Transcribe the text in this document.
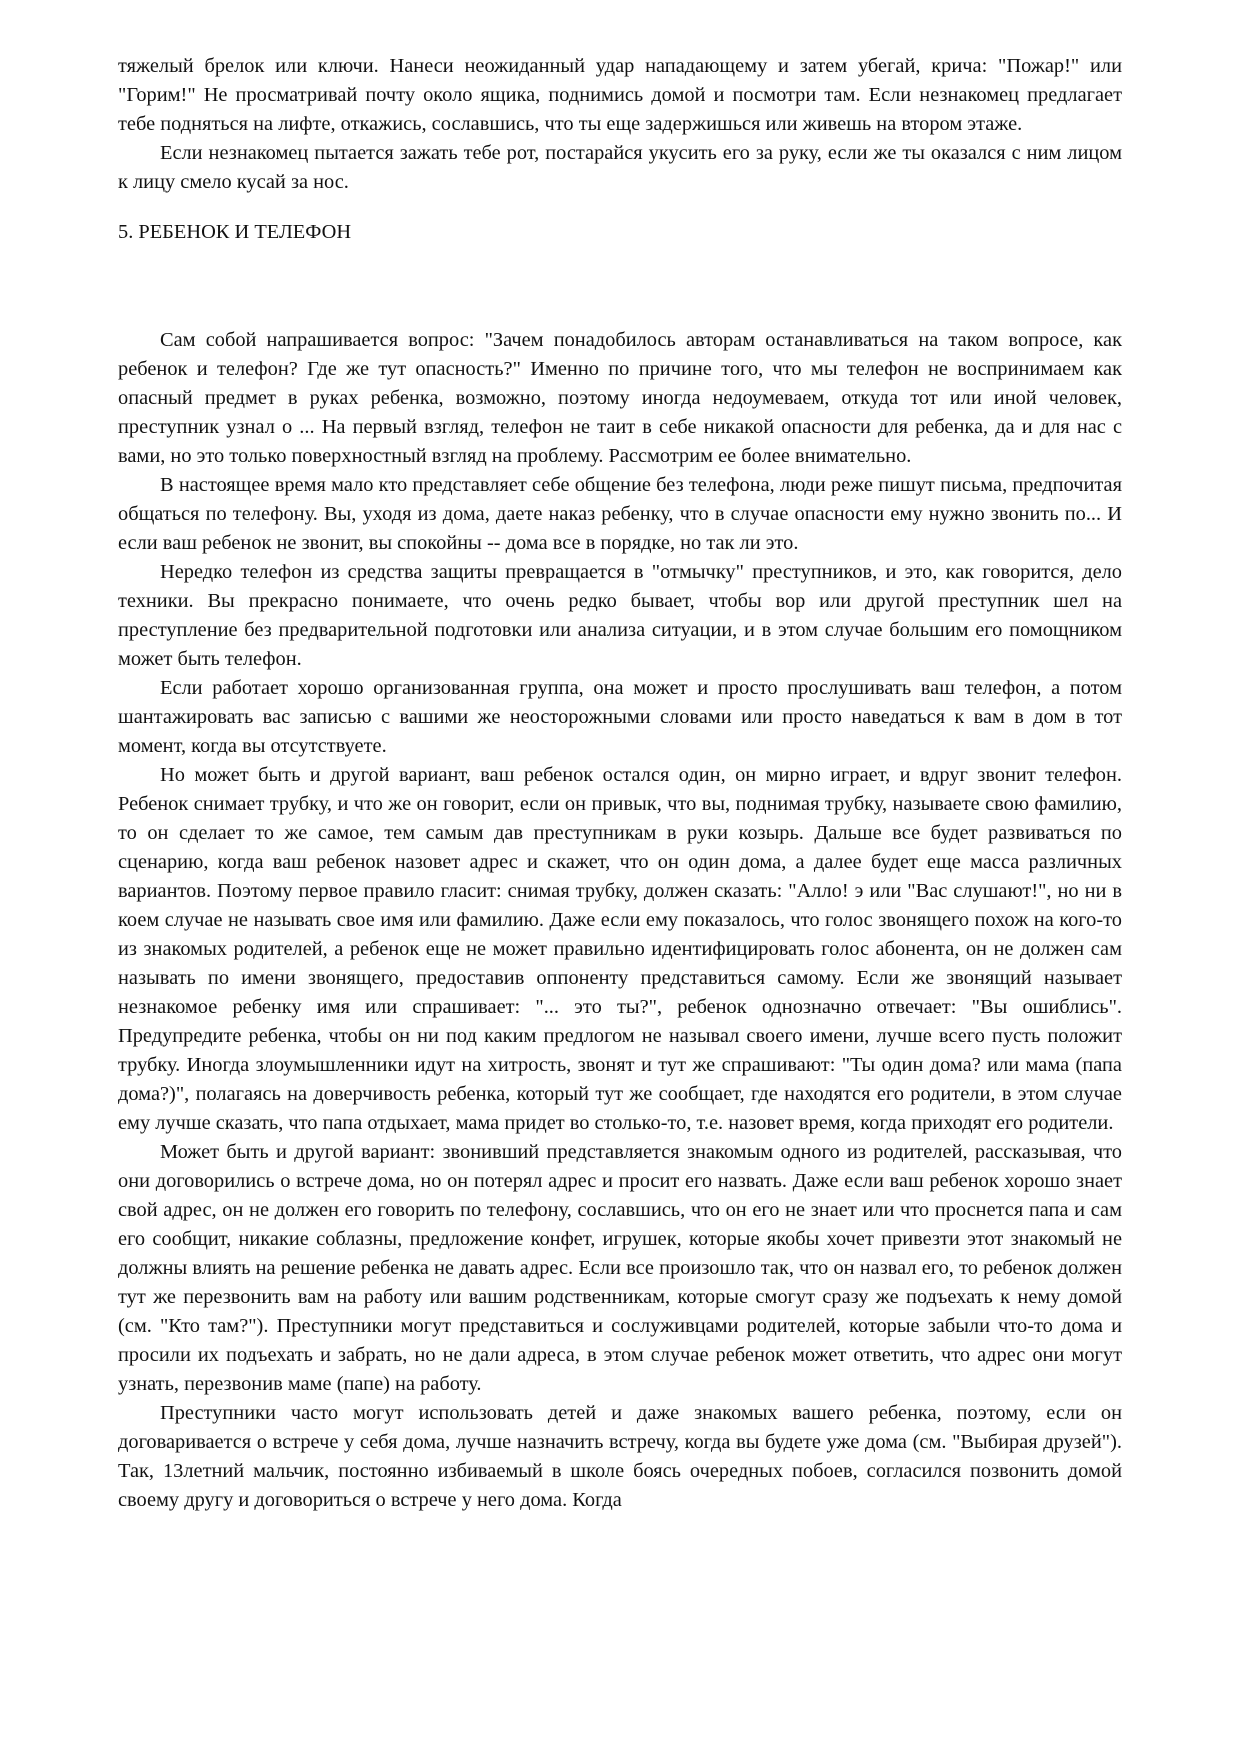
тяжелый брелок или ключи. Нанеси неожиданный удар нападающему и затем убегай, крича: "Пожар!" или "Горим!" Не просматривай почту около ящика, поднимись домой и посмотри там. Если незнакомец предлагает тебе подняться на лифте, откажись, сославшись, что ты еще задержишься или живешь на втором этаже.

Если незнакомец пытается зажать тебе рот, постарайся укусить его за руку, если же ты оказался с ним лицом к лицу смело кусай за нос.

5. РЕБЕНОК И ТЕЛЕФОН

Сам собой напрашивается вопрос: "Зачем понадобилось авторам останавливаться на таком вопросе, как ребенок и телефон? Где же тут опасность?" Именно по причине того, что мы телефон не воспринимаем как опасный предмет в руках ребенка, возможно, поэтому иногда недоумеваем, откуда тот или иной человек, преступник узнал о ... На первый взгляд, телефон не таит в себе никакой опасности для ребенка, да и для нас с вами, но это только поверхностный взгляд на проблему. Рассмотрим ее более внимательно.

В настоящее время мало кто представляет себе общение без телефона, люди реже пишут письма, предпочитая общаться по телефону. Вы, уходя из дома, даете наказ ребенку, что в случае опасности ему нужно звонить по... И если ваш ребенок не звонит, вы спокойны -- дома все в порядке, но так ли это.

Нередко телефон из средства защиты превращается в "отмычку" преступников, и это, как говорится, дело техники. Вы прекрасно понимаете, что очень редко бывает, чтобы вор или другой преступник шел на преступление без предварительной подготовки или анализа ситуации, и в этом случае большим его помощником может быть телефон.

Если работает хорошо организованная группа, она может и просто прослушивать ваш телефон, а потом шантажировать вас записью с вашими же неосторожными словами или просто наведаться к вам в дом в тот момент, когда вы отсутствуете.

Но может быть и другой вариант, ваш ребенок остался один, он мирно играет, и вдруг звонит телефон. Ребенок снимает трубку, и что же он говорит, если он привык, что вы, поднимая трубку, называете свою фамилию, то он сделает то же самое, тем самым дав преступникам в руки козырь. Дальше все будет развиваться по сценарию, когда ваш ребенок назовет адрес и скажет, что он один дома, а далее будет еще масса различных вариантов. Поэтому первое правило гласит: снимая трубку, должен сказать: "Алло! э или "Вас слушают!", но ни в коем случае не называть свое имя или фамилию. Даже если ему показалось, что голос звонящего похож на кого-то из знакомых родителей, а ребенок еще не может правильно идентифицировать голос абонента, он не должен сам называть по имени звонящего, предоставив оппоненту представиться самому. Если же звонящий называет незнакомое ребенку имя или спрашивает: "... это ты?", ребенок однозначно отвечает: "Вы ошиблись". Предупредите ребенка, чтобы он ни под каким предлогом не называл своего имени, лучше всего пусть положит трубку. Иногда злоумышленники идут на хитрость, звонят и тут же спрашивают: "Ты один дома? или мама (папа дома?)", полагаясь на доверчивость ребенка, который тут же сообщает, где находятся его родители, в этом случае ему лучше сказать, что папа отдыхает, мама придет во столько-то, т.е. назовет время, когда приходят его родители.

Может быть и другой вариант: звонивший представляется знакомым одного из родителей, рассказывая, что они договорились о встрече дома, но он потерял адрес и просит его назвать. Даже если ваш ребенок хорошо знает свой адрес, он не должен его говорить по телефону, сославшись, что он его не знает или что проснется папа и сам его сообщит, никакие соблазны, предложение конфет, игрушек, которые якобы хочет привезти этот знакомый не должны влиять на решение ребенка не давать адрес. Если все произошло так, что он назвал его, то ребенок должен тут же перезвонить вам на работу или вашим родственникам, которые смогут сразу же подъехать к нему домой (см. "Кто там?"). Преступники могут представиться и сослуживцами родителей, которые забыли что-то дома и просили их подъехать и забрать, но не дали адреса, в этом случае ребенок может ответить, что адрес они могут узнать, перезвонив маме (папе) на работу.

Преступники часто могут использовать детей и даже знакомых вашего ребенка, поэтому, если он договаривается о встрече у себя дома, лучше назначить встречу, когда вы будете уже дома (см. "Выбирая друзей"). Так, 13летний мальчик, постоянно избиваемый в школе боясь очередных побоев, согласился позвонить домой своему другу и договориться о встрече у него дома. Когда
